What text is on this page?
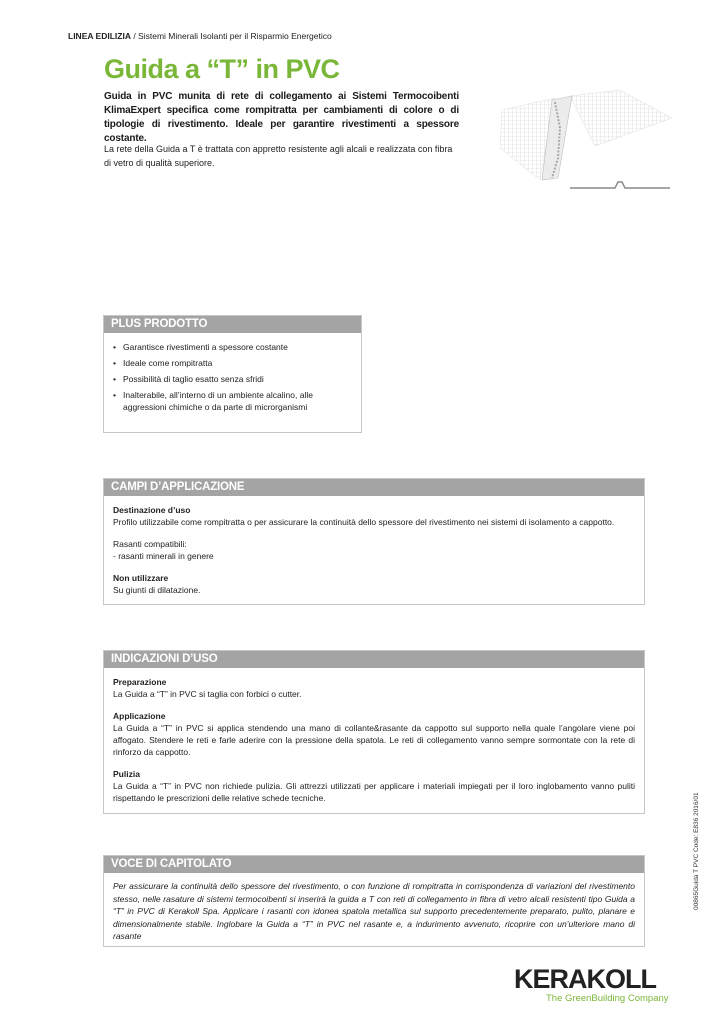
LINEA EDILIZIA / Sistemi Minerali Isolanti per il Risparmio Energetico
Guida a “T” in PVC

Guida in PVC munita di rete di collegamento ai Sistemi Termocoibenti KlimaExpert specifica come rompitratta per cambiamenti di colore o di tipologie di rivestimento. Ideale per garantire rivestimenti a spessore costante.

La rete della Guida a T è trattata con appretto resistente agli alcali e realizzata con fibra di vetro di qualità superiore.

PLUS PRODOTTO
• Garantisce rivestimenti a spessore costante
• Ideale come rompitratta
• Possibilità di taglio esatto senza sfridi
• Inalterabile, all’interno di un ambiente alcalino, alle aggressioni chimiche o da parte di microrganismi
CAMPI D’APPLICAZIONE
Destinazione d’uso
Profilo utilizzabile come rompitratta o per assicurare la continuità dello spessore del rivestimento nei sistemi di isolamento a cappotto.
Rasanti compatibili:
- rasanti minerali in genere
Non utilizzare
Su giunti di dilatazione.
INDICAZIONI D’USO
Preparazione
La Guida a “T” in PVC si taglia con forbici o cutter.
Applicazione
La Guida a “T” in PVC si applica stendendo una mano di collante&rasante da cappotto sul supporto nella quale l’angolare viene poi affogato. Stendere le reti e farle aderire con la pressione della spatola. Le reti di collegamento vanno sempre sormontate con la rete di rinforzo da cappotto.
Pulizia
La Guida a “T” in PVC non richiede pulizia. Gli attrezzi utilizzati per applicare i materiali impiegati per il loro inglobamento vanno puliti rispettando le prescrizioni delle relative schede tecniche.
VOCE DI CAPITOLATO
Per assicurare la continuità dello spessore del rivestimento, o con funzione di rompitratta in corrispondenza di variazioni del rivestimento stesso, nelle rasature di sistemi termocoibenti si inserirà la guida a T con reti di collegamento in fibra di vetro alcali resistenti tipo Guida a “T” in PVC di Kerakoll Spa. Applicare i rasanti con idonea spatola metallica sul supporto precedentemente preparato, pulito, planare e dimensionalmente stabile. Inglobare la Guida a “T” in PVC nel rasante e, a indurimento avvenuto, ricoprire con un’ulteriore mano di rasante
00865Guida T PVC Code: E836 2016/01
KERAKOLL
The GreenBuilding Company
